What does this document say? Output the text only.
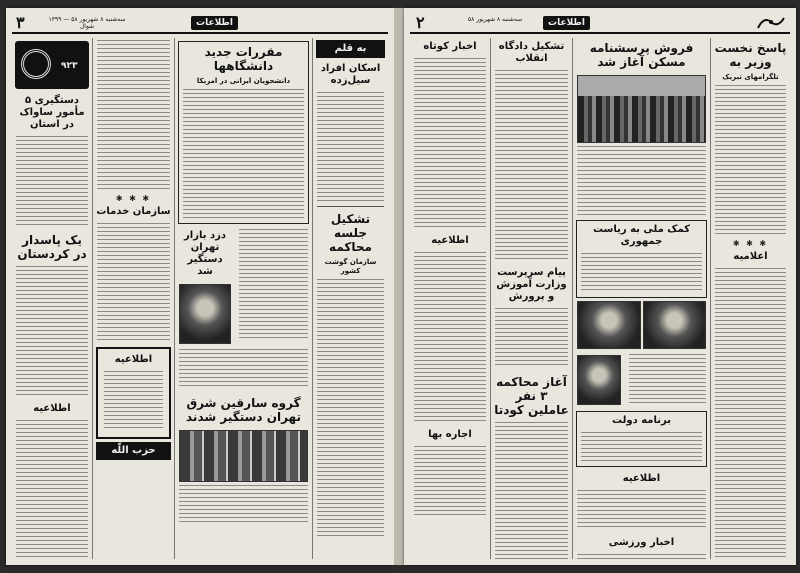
۳	سه‌شنبه ۸ شهریور ۵۸ — ۱۳۹۹ شوال	اطلاعات
۹۲۳
دستگیری ۵ مأمور ساواک در استان
یک پاسدار در کردستان
اطلاعیه
✱ ✱ ✱
سازمان خدمات
اطلاعیه
حزب اللّه
مقررات جدید دانشگاهها
دانشجویان ایرانی در امریکا
دزد بازار تهران دستگیر شد
گروه سارقین شرق تهران دستگیر شدند
به قلم
اسکان افراد سیل‌زده
تشکیل جلسه محاکمه
سازمان گوشت کشور
۲	سه‌شنبه ۸ شهریور ۵۸	اطلاعات
اخبار کوتاه
اطلاعیه
اجاره بها
تشکیل دادگاه انقلاب
پیام سرپرست وزارت آموزش و پرورش
آغاز محاکمه ۳ نفر عاملین کودتا
فروش پرسشنامه مسکن آغاز شد
کمک ملی به ریاست جمهوری
برنامه دولت
اطلاعیه
اخبار ورزشی
پاسخ نخست وزیر به
تلگرامهای تبریک
✱ ✱ ✱
اعلامیه
